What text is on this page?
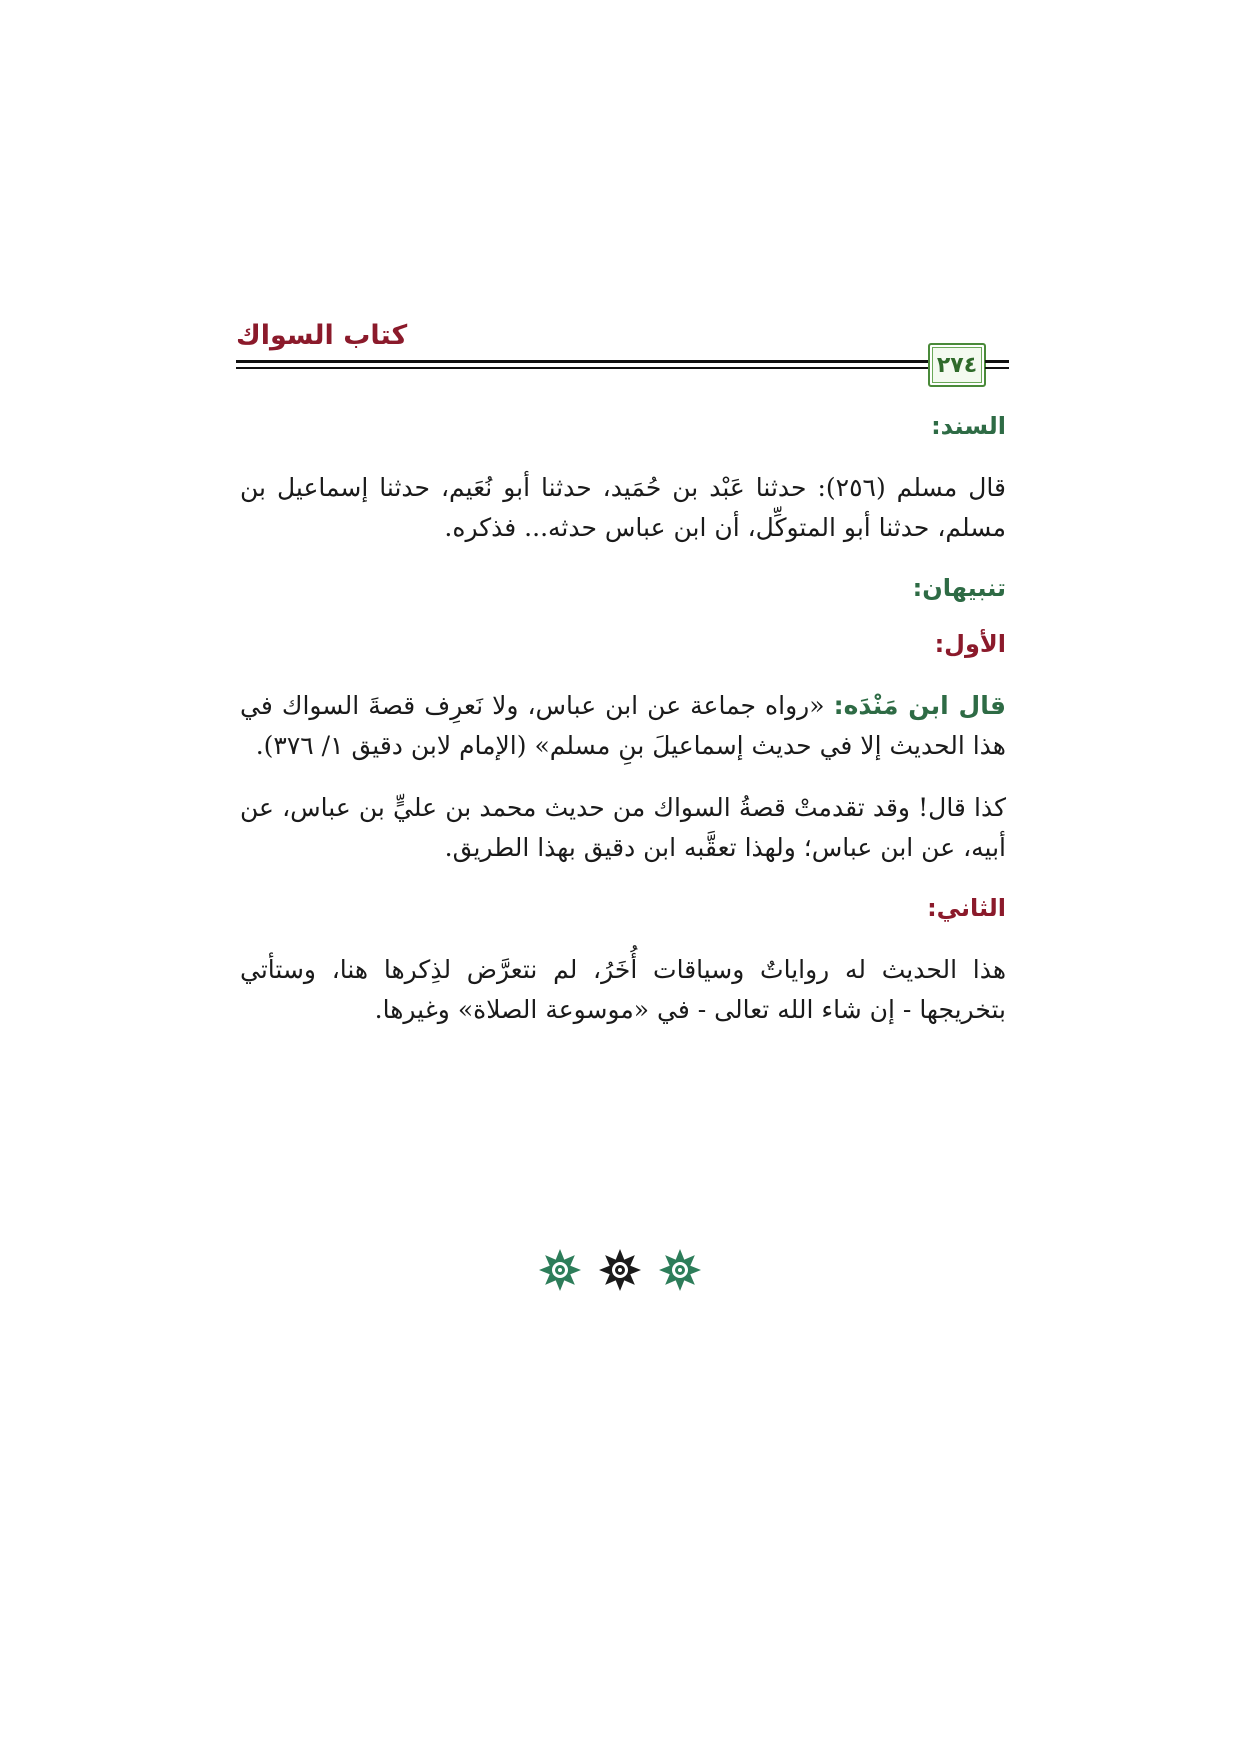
كتاب السواك
٢٧٤

السند:

قال مسلم (٢٥٦): حدثنا عَبْد بن حُمَيد، حدثنا أبو نُعَيم، حدثنا إسماعيل بن مسلم، حدثنا أبو المتوكِّل، أن ابن عباس حدثه... فذكره.

تنبيهان:

الأول:

قال ابن مَنْدَه: «رواه جماعة عن ابن عباس، ولا نَعرِف قصةَ السواك في هذا الحديث إلا في حديث إسماعيلَ بنِ مسلم» (الإمام لابن دقيق ١/ ٣٧٦).

كذا قال! وقد تقدمتْ قصةُ السواك من حديث محمد بن عليٍّ بن عباس، عن أبيه، عن ابن عباس؛ ولهذا تعقَّبه ابن دقيق بهذا الطريق.

الثاني:

هذا الحديث له رواياتٌ وسياقات أُخَرُ، لم نتعرَّض لذِكرها هنا، وستأتي بتخريجها - إن شاء الله تعالى - في «موسوعة الصلاة» وغيرها.
